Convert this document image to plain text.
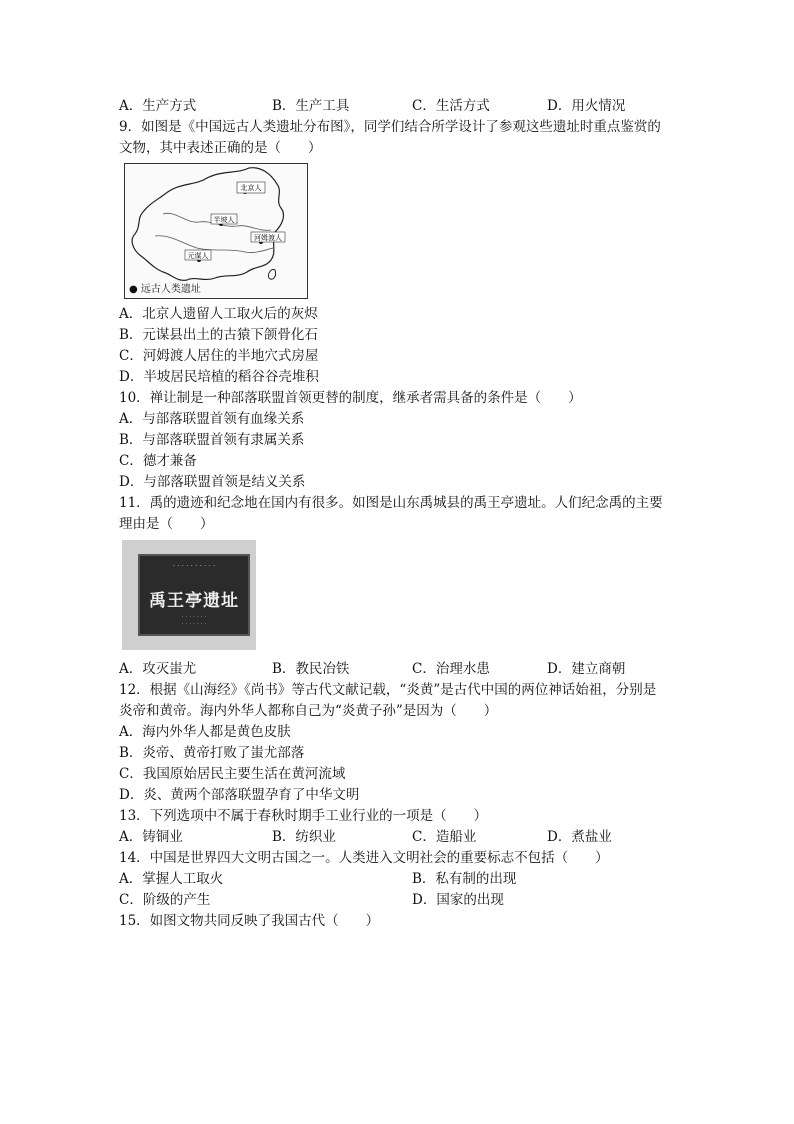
A．生产方式	B．生产工具	C．生活方式	D．用火情况
9．如图是《中国远古人类遗址分布图》，同学们结合所学设计了参观这些遗址时重点鉴赏的
文物，其中表述正确的是（　　）
北京人
半坡人
河姆渡人
元谋人
● 远古人类遗址
A．北京人遗留人工取火后的灰烬
B．元谋县出土的古猿下颌骨化石
C．河姆渡人居住的半地穴式房屋
D．半坡居民培植的稻谷谷壳堆积
10．禅让制是一种部落联盟首领更替的制度，继承者需具备的条件是（　　）
A．与部落联盟首领有血缘关系
B．与部落联盟首领有隶属关系
C．德才兼备
D．与部落联盟首领是结义关系
11．禹的遗迹和纪念地在国内有很多。如图是山东禹城县的禹王亭遗址。人们纪念禹的主要
理由是（　　）
· · · · · · · · · ·
禹王亭遗址
· · · · · · ·
· · · · · · ·
A．攻灭蚩尤	B．教民冶铁	C．治理水患	D．建立商朝
12．根据《山海经》《尚书》等古代文献记载，“炎黄”是古代中国的两位神话始祖，分别是
炎帝和黄帝。海内外华人都称自己为“炎黄子孙”是因为（　　）
A．海内外华人都是黄色皮肤
B．炎帝、黄帝打败了蚩尤部落
C．我国原始居民主要生活在黄河流域
D．炎、黄两个部落联盟孕育了中华文明
13．下列选项中不属于春秋时期手工业行业的一项是（　　）
A．铸铜业	B．纺织业	C．造船业	D．煮盐业
14．中国是世界四大文明古国之一。人类进入文明社会的重要标志不包括（　　）
A．掌握人工取火	B．私有制的出现
C．阶级的产生	D．国家的出现
15．如图文物共同反映了我国古代（　　）
